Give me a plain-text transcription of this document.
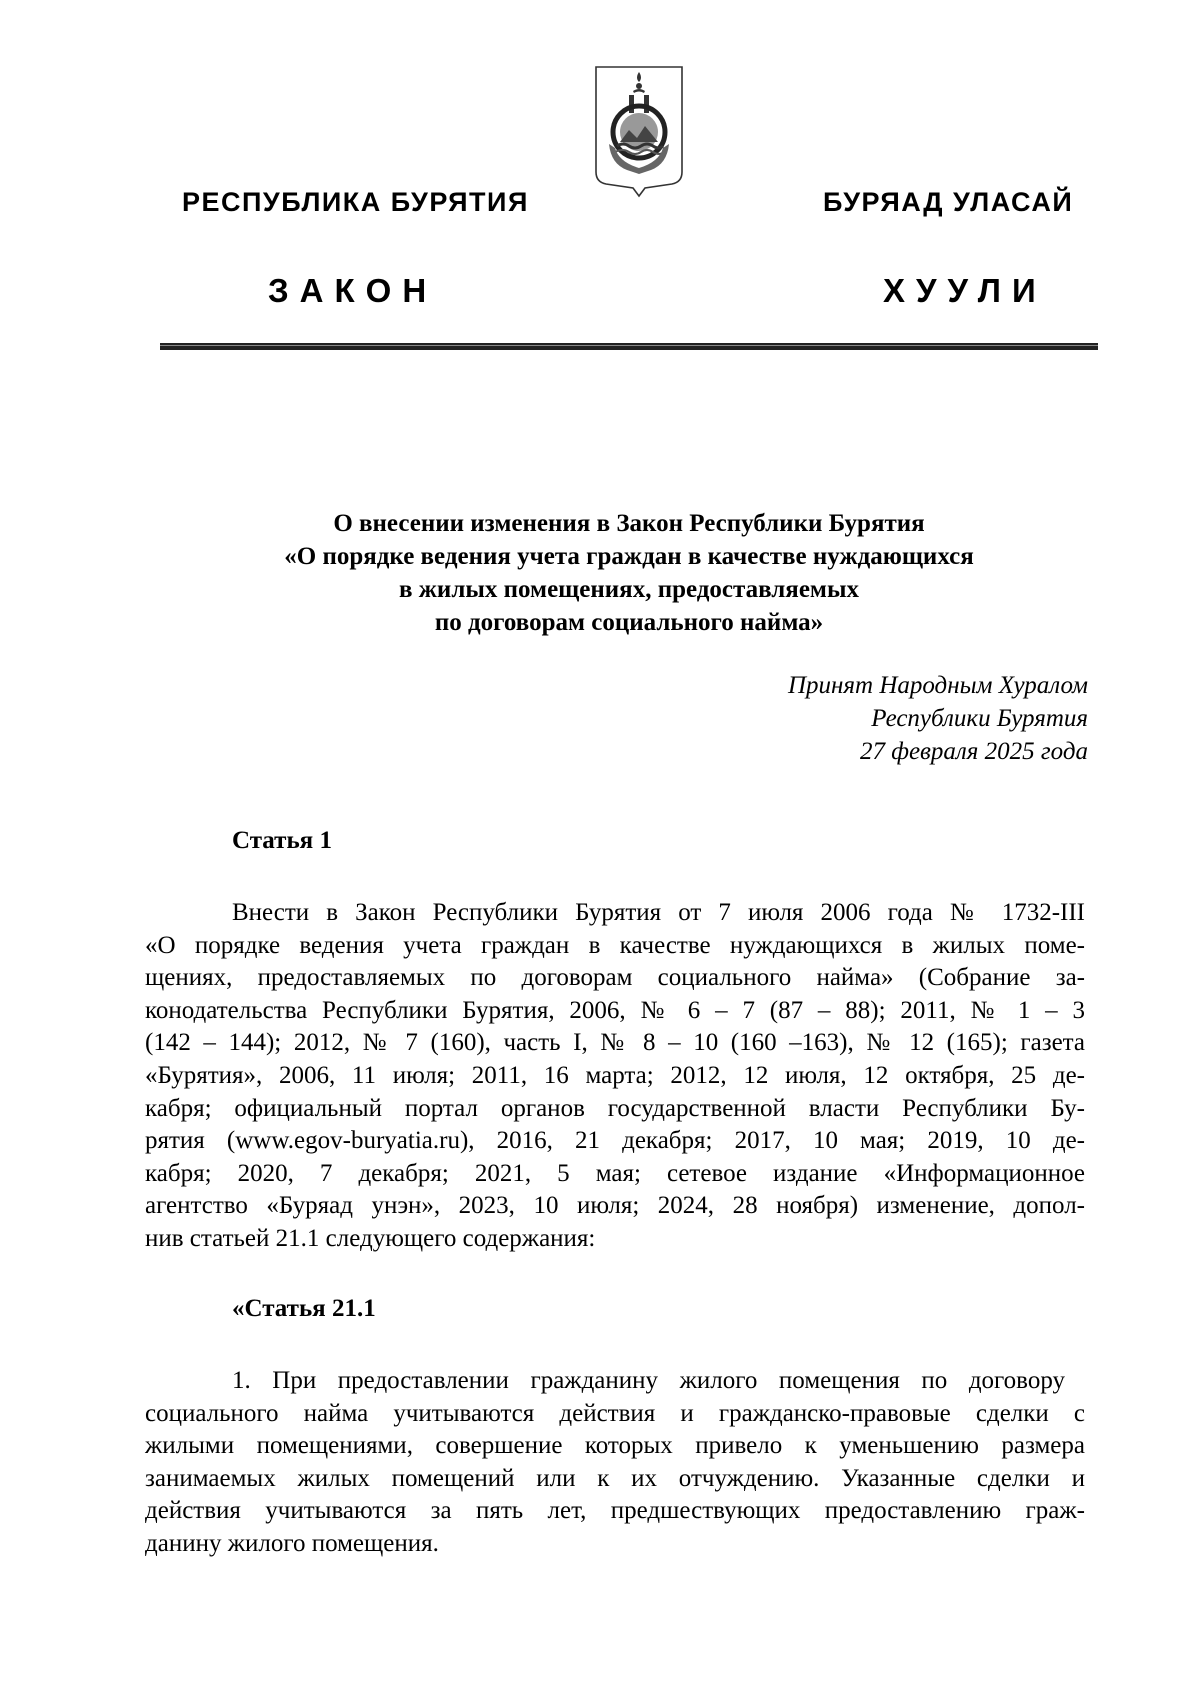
РЕСПУБЛИКА БУРЯТИЯ	БУРЯАД УЛАСАЙ
ЗАКОН	ХУУЛИ
О внесении изменения в Закон Республики Бурятия
«О порядке ведения учета граждан в качестве нуждающихся
в жилых помещениях, предоставляемых
по договорам социального найма»
Принят Народным Хуралом
Республики Бурятия
27 февраля 2025 года
Статья 1
Внести в Закон Республики Бурятия от 7 июля 2006 года № 1732-III
«О порядке ведения учета граждан в качестве нуждающихся в жилых поме-
щениях, предоставляемых по договорам социального найма» (Собрание за-
конодательства Республики Бурятия, 2006, № 6 – 7 (87 – 88); 2011, № 1 – 3
(142 – 144); 2012, № 7 (160), часть I, № 8 – 10 (160 –163), № 12 (165); газета
«Бурятия», 2006, 11 июля; 2011, 16 марта; 2012, 12 июля, 12 октября, 25 де-
кабря; официальный портал органов государственной власти Республики Бу-
рятия (www.egov-buryatia.ru), 2016, 21 декабря; 2017, 10 мая; 2019, 10 де-
кабря; 2020, 7 декабря; 2021, 5 мая; сетевое издание «Информационное
агентство «Буряад унэн», 2023, 10 июля; 2024, 28 ноября) изменение, допол-
нив статьей 21.1 следующего содержания:
«Статья 21.1
1. При предоставлении гражданину жилого помещения по договору
социального найма учитываются действия и гражданско-правовые сделки с
жилыми помещениями, совершение которых привело к уменьшению размера
занимаемых жилых помещений или к их отчуждению. Указанные сделки и
действия учитываются за пять лет, предшествующих предоставлению граж-
данину жилого помещения.
